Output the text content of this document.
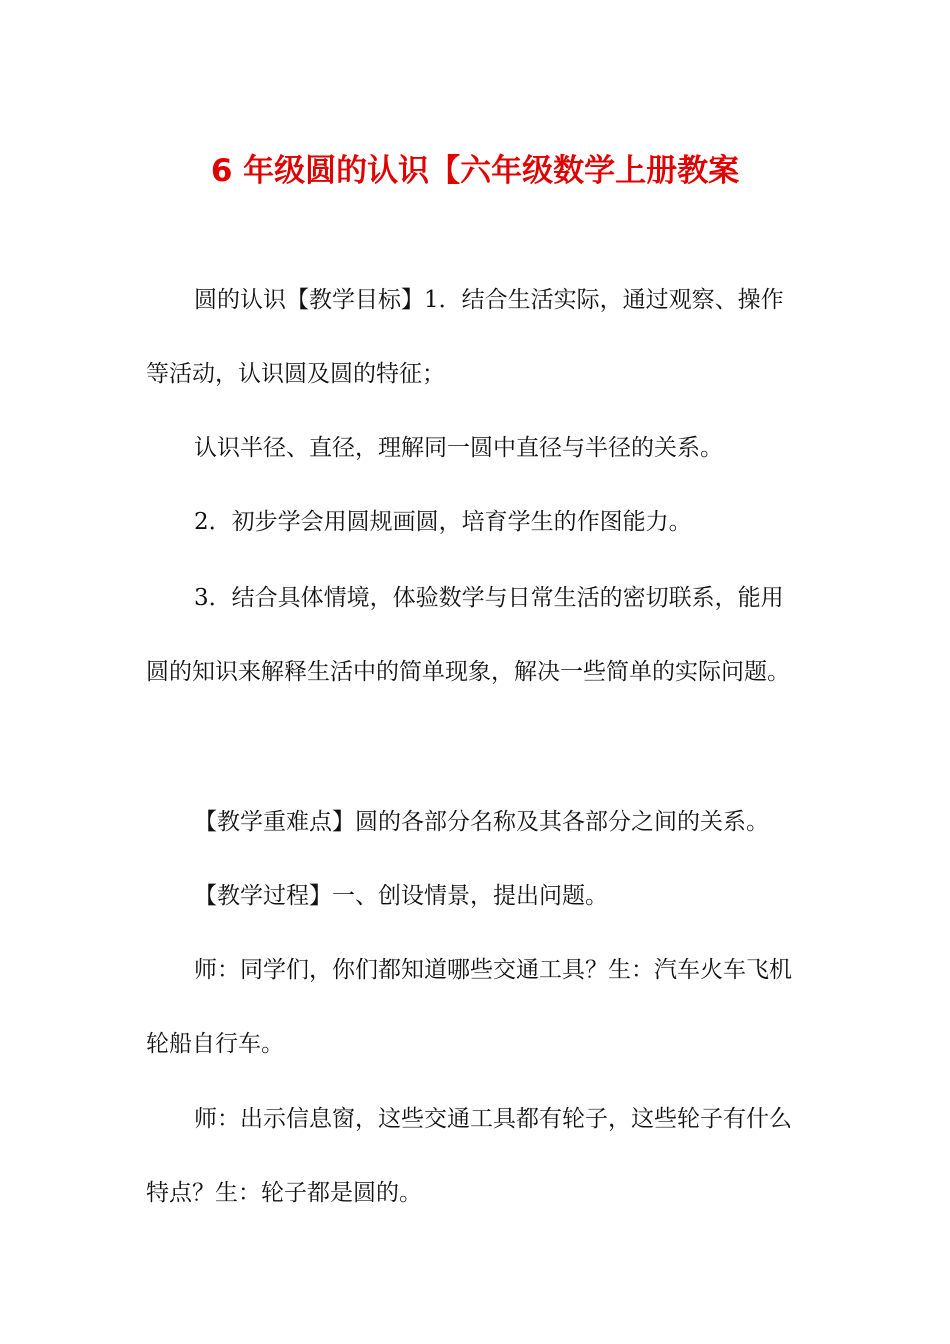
6 年级圆的认识【六年级数学上册教案

圆的认识【教学目标】1．结合生活实际，通过观察、操作等活动，认识圆及圆的特征；

认识半径、直径，理解同一圆中直径与半径的关系。

2．初步学会用圆规画圆，培育学生的作图能力。

3．结合具体情境，体验数学与日常生活的密切联系，能用圆的知识来解释生活中的简单现象，解决一些简单的实际问题。

【教学重难点】圆的各部分名称及其各部分之间的关系。

【教学过程】一、创设情景，提出问题。

师：同学们，你们都知道哪些交通工具？生：汽车火车飞机轮船自行车。

师：出示信息窗，这些交通工具都有轮子，这些轮子有什么特点？生：轮子都是圆的。
